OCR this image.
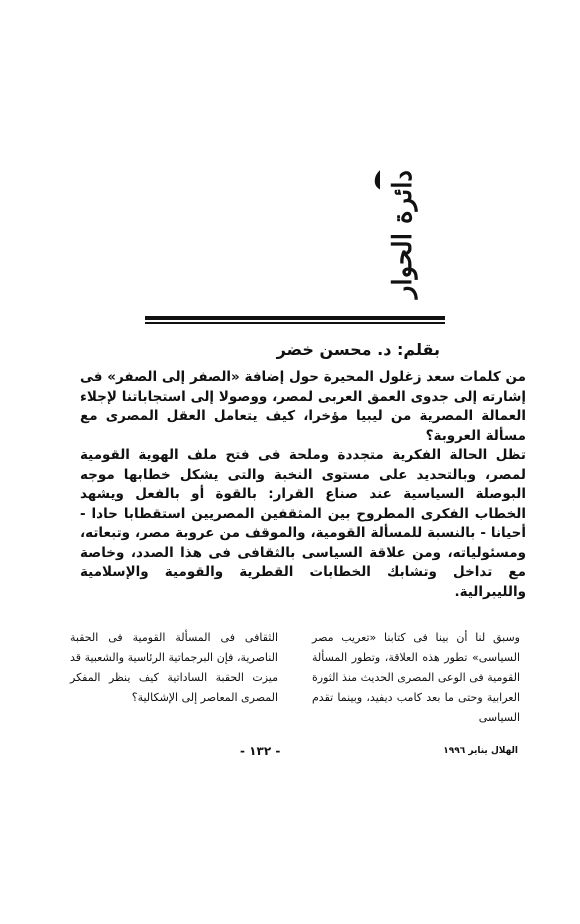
دائرة الحوار
بقلم: د. محسن خضر

من كلمات سعد زغلول المحيرة حول إضافة «الصفر إلى الصفر» فى إشارته إلى جدوى العمق العربى لمصر، ووصولا إلى استجاباتنا لإجلاء العمالة المصرية من ليبيا مؤخرا، كيف يتعامل العقل المصرى مع مسألة العروبة؟

تظل الحالة الفكرية متجددة وملحة فى فتح ملف الهوية القومية لمصر، وبالتحديد على مستوى النخبة والتى يشكل خطابها موجه البوصلة السياسية عند صناع القرار: بالقوة أو بالفعل ويشهد الخطاب الفكرى المطروح بين المثقفين المصريين استقطابا حادا - أحيانا - بالنسبة للمسألة القومية، والموقف من عروبة مصر، وتبعاته، ومسئولياته، ومن علاقة السياسى بالثقافى فى هذا الصدد، وخاصة مع تداخل وتشابك الخطابات القطرية والقومية والإسلامية والليبرالية.

وسبق لنا أن بينا فى كتابنا «تعريب مصر السياسى» تطور هذه العلاقة، وتطور المسألة القومية فى الوعى المصرى الحديث منذ الثورة العرابية وحتى ما بعد كامب ديفيد، وبينما تقدم السياسى
الثقافى فى المسألة القومية فى الحقبة الناصرية، فإن البرجماتية الرئاسية والشعبية قد ميزت الحقبة الساداتية كيف ينظر المفكر المصرى المعاصر إلى الإشكالية؟
- ١٣٢ -	الهلال يناير ١٩٩٦
